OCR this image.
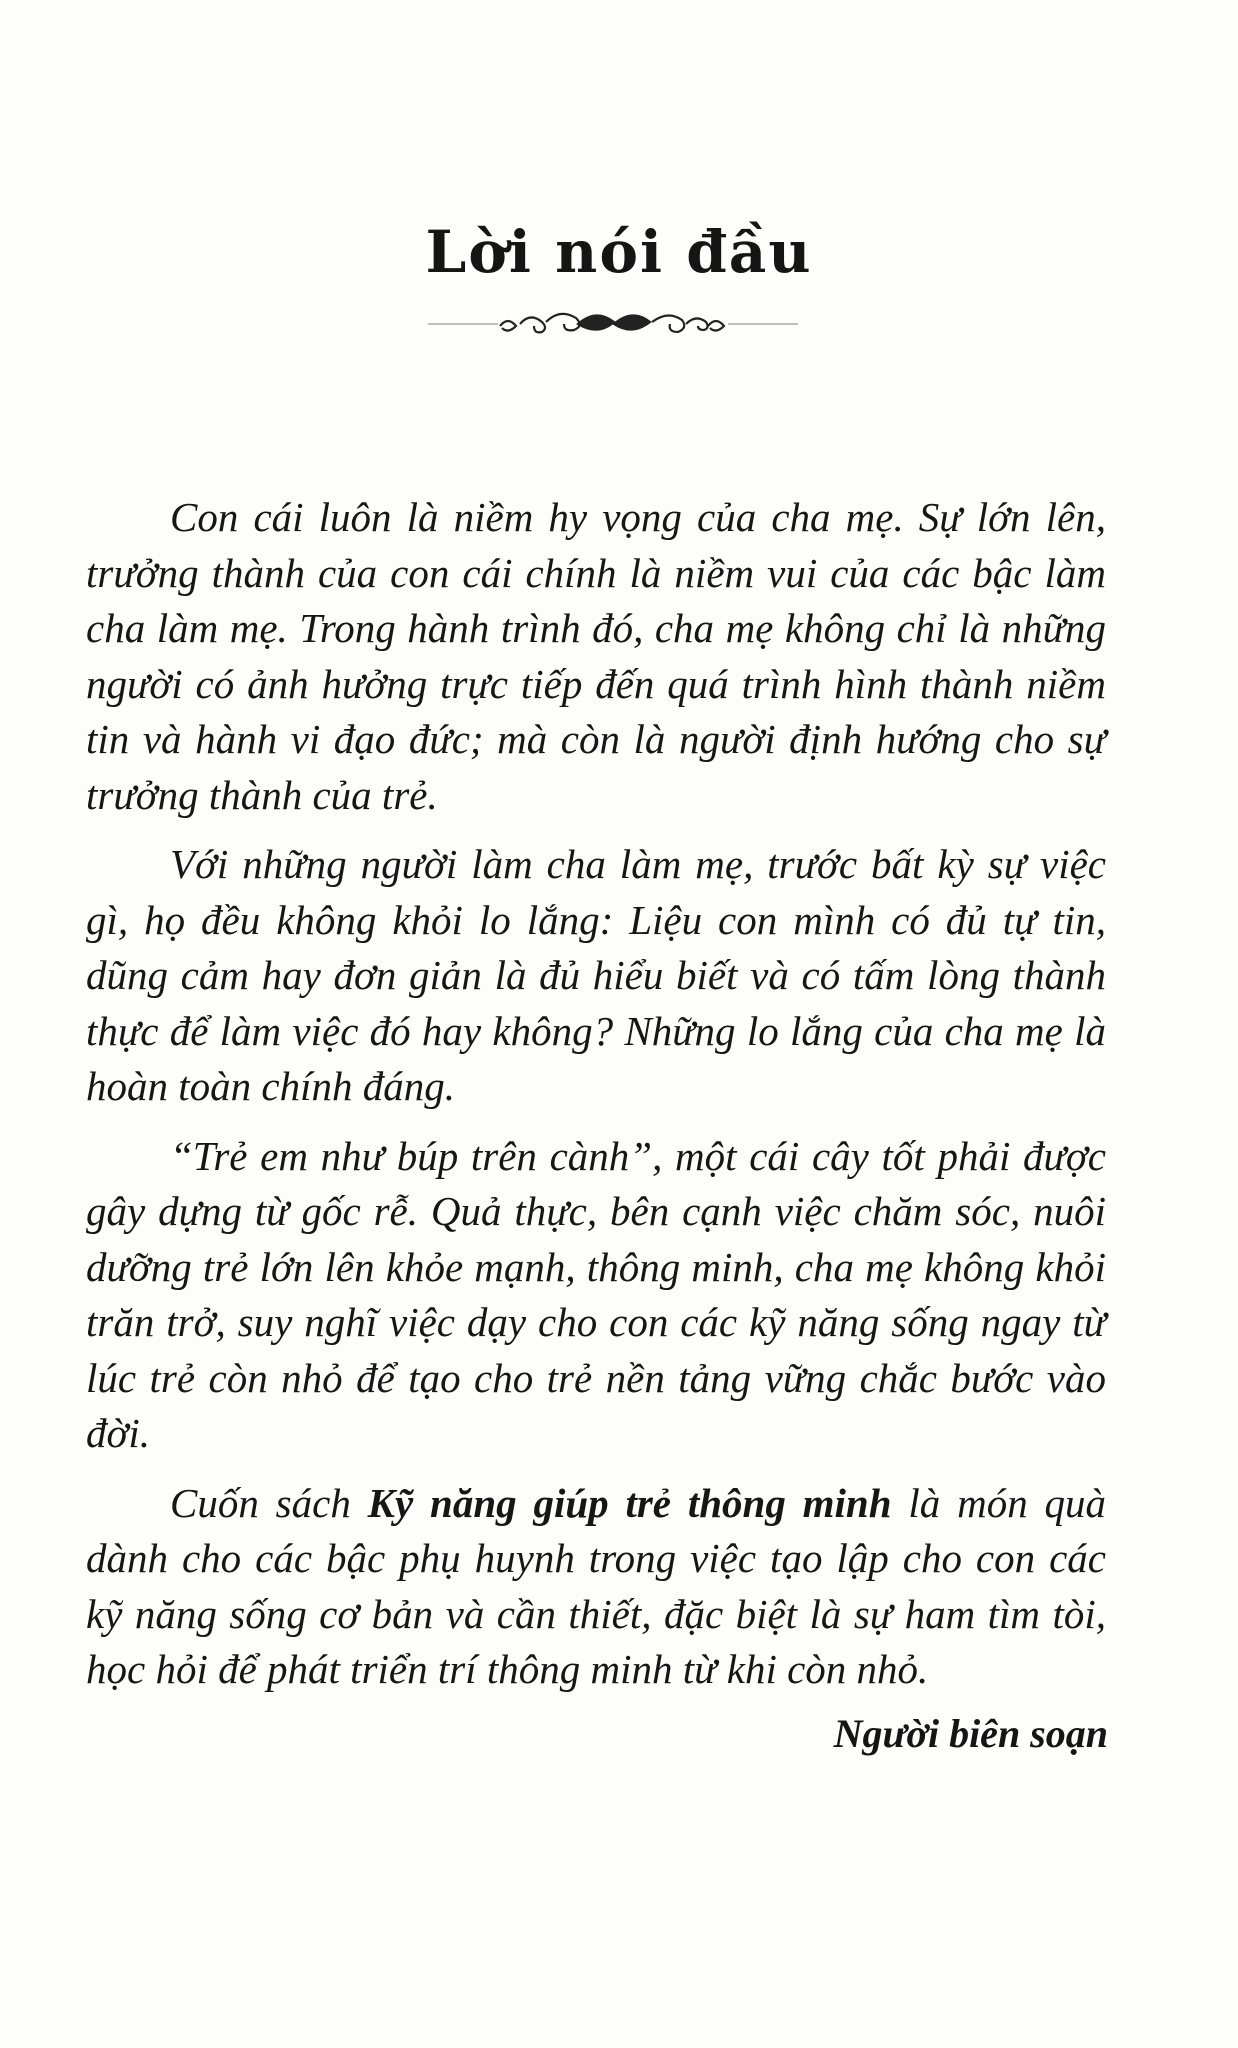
Lời nói đầu

Con cái luôn là niềm hy vọng của cha mẹ. Sự lớn lên, trưởng thành của con cái chính là niềm vui của các bậc làm cha làm mẹ. Trong hành trình đó, cha mẹ không chỉ là những người có ảnh hưởng trực tiếp đến quá trình hình thành niềm tin và hành vi đạo đức; mà còn là người định hướng cho sự trưởng thành của trẻ.

Với những người làm cha làm mẹ, trước bất kỳ sự việc gì, họ đều không khỏi lo lắng: Liệu con mình có đủ tự tin, dũng cảm hay đơn giản là đủ hiểu biết và có tấm lòng thành thực để làm việc đó hay không? Những lo lắng của cha mẹ là hoàn toàn chính đáng.

“Trẻ em như búp trên cành”, một cái cây tốt phải được gây dựng từ gốc rễ. Quả thực, bên cạnh việc chăm sóc, nuôi dưỡng trẻ lớn lên khỏe mạnh, thông minh, cha mẹ không khỏi trăn trở, suy nghĩ việc dạy cho con các kỹ năng sống ngay từ lúc trẻ còn nhỏ để tạo cho trẻ nền tảng vững chắc bước vào đời.

Cuốn sách Kỹ năng giúp trẻ thông minh là món quà dành cho các bậc phụ huynh trong việc tạo lập cho con các kỹ năng sống cơ bản và cần thiết, đặc biệt là sự ham tìm tòi, học hỏi để phát triển trí thông minh từ khi còn nhỏ.

Người biên soạn
